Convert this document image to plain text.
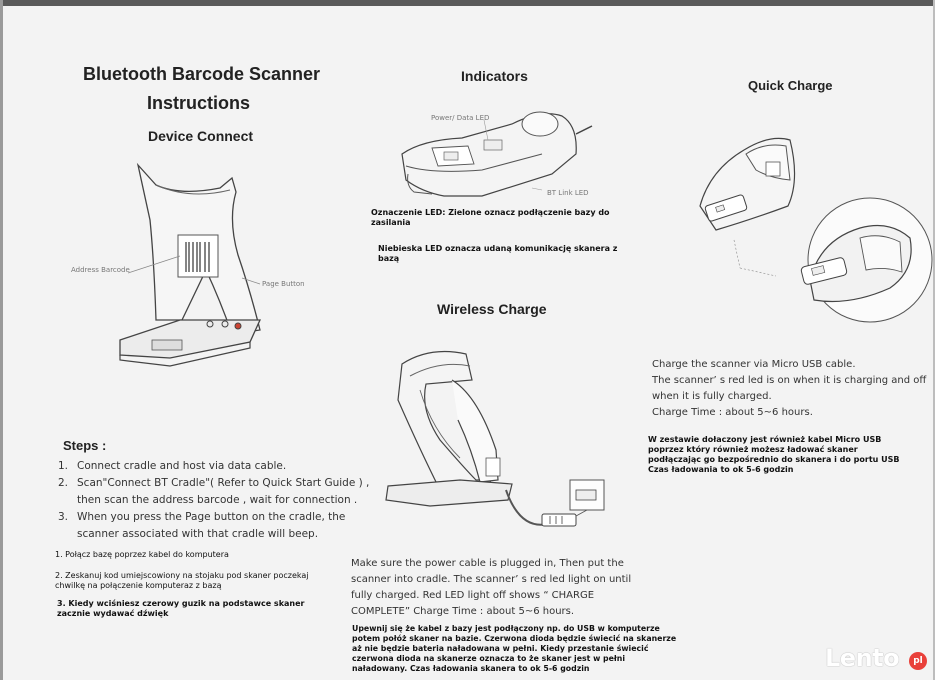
Bluetooth Barcode Scanner
Instructions
Device Connect
Address Barcode
Page Button
Steps :
1. Connect cradle and host via data cable.
2. Scan"Connect BT Cradle"( Refer to Quick Start Guide ) ,
then scan the address barcode , wait for connection .
3. When you press the Page button on the cradle, the
scanner associated with that cradle will beep.
1. Połącz bazę poprzez kabel do komputera
2. Zeskanuj kod umiejscowiony na stojaku pod skaner poczekaj
chwilkę na połączenie komputeraz z bazą
3. Kiedy wciśniesz czerowy guzik na podstawce skaner
zacznie wydawać dźwięk
Indicators
Power/ Data LED
BT Link LED
Oznaczenie LED: Zielone oznacz podłączenie bazy do
zasilania
Niebieska LED oznacza udaną komunikację skanera z
bazą
Wireless Charge
Make sure the power cable is plugged in, Then put the
scanner into cradle. The scanner’ s red led light on until
fully charged. Red LED light off shows “ CHARGE
COMPLETE” Charge Time : about 5~6 hours.
Upewnij się że kabel z bazy jest podłączony np. do USB w komputerze
potem połóż skaner na bazie. Czerwona dioda będzie świecić na skanerze
aż nie będzie bateria naładowana w pełni. Kiedy przestanie świecić
czerwona dioda na skanerze oznacza to że skaner jest w pełni
naładowany. Czas ładowania skanera to ok 5-6 godzin
Quick Charge
Charge the scanner via Micro USB cable.
The scanner’ s red led is on when it is charging and off
when it is fully charged.
Charge Time : about 5~6 hours.
W zestawie dołaczony jest również kabel Micro USB
poprzez który również możesz ładować skaner
podłączając go bezpośrednio do skanera i do portu USB
Czas ładowania to ok 5-6 godzin
Lento	pl
